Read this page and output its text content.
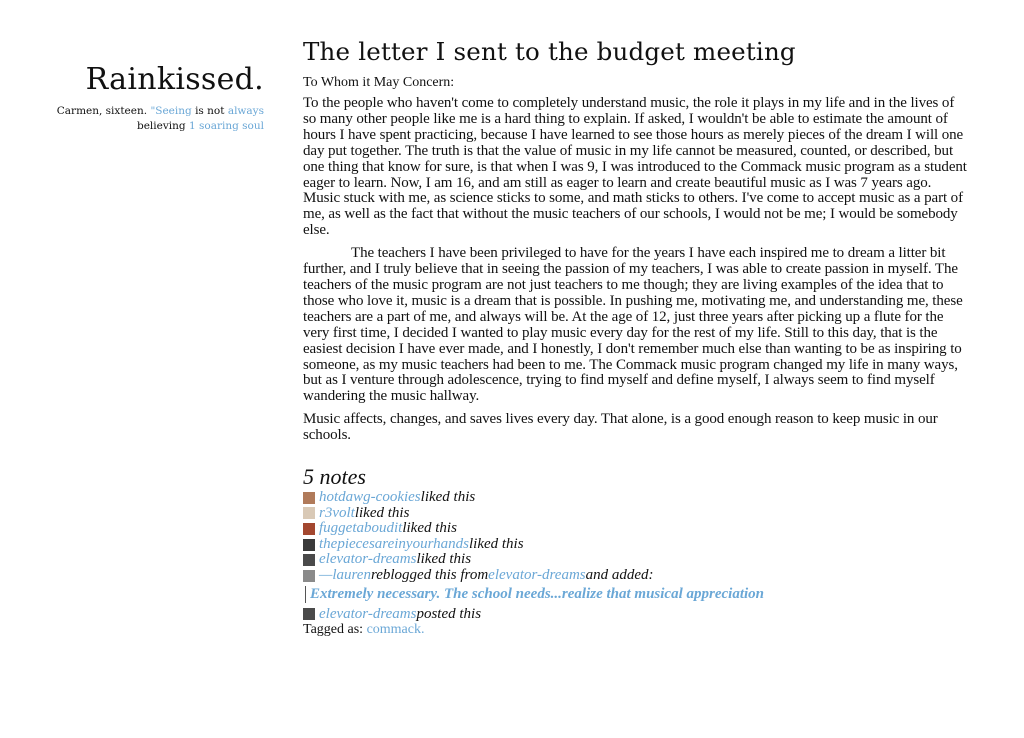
Rainkissed.
Carmen, sixteen. "Seeing is not always
believing 1 soaring soul
The letter I sent to the budget meeting

To Whom it May Concern:

To the people who haven't come to completely understand music, the role it plays in my life and in the lives of so many other people like me is a hard thing to explain. If asked, I wouldn't be able to estimate the amount of hours I have spent practicing, because I have learned to see those hours as merely pieces of the dream I will one day put together. The truth is that the value of music in my life cannot be measured, counted, or described, but one thing that know for sure, is that when I was 9, I was introduced to the Commack music program as a student eager to learn. Now, I am 16, and am still as eager to learn and create beautiful music as I was 7 years ago. Music stuck with me, as science sticks to some, and math sticks to others. I've come to accept music as a part of me, as well as the fact that without the music teachers of our schools, I would not be me; I would be somebody else.

The teachers I have been privileged to have for the years I have each inspired me to dream a litter bit further, and I truly believe that in seeing the passion of my teachers, I was able to create passion in myself. The teachers of the music program are not just teachers to me though; they are living examples of the idea that to those who love it, music is a dream that is possible. In pushing me, motivating me, and understanding me, these teachers are a part of me, and always will be. At the age of 12, just three years after picking up a flute for the very first time, I decided I wanted to play music every day for the rest of my life. Still to this day, that is the easiest decision I have ever made, and I honestly, I don't remember much else than wanting to be as inspiring to someone, as my music teachers had been to me. The Commack music program changed my life in many ways, but as I venture through adolescence, trying to find myself and define myself, I always seem to find myself wandering the music hallway.

Music affects, changes, and saves lives every day. That alone, is a good enough reason to keep music in our schools.

5 notes
hotdawg-cookies liked this
r3volt liked this
fuggetaboudit liked this
thepiecesareinyourhands liked this
elevator-dreams liked this
—lauren reblogged this from elevator-dreams and added:
Extremely necessary. The school needs...realize that musical appreciation
elevator-dreams posted this
Tagged as: commack.
